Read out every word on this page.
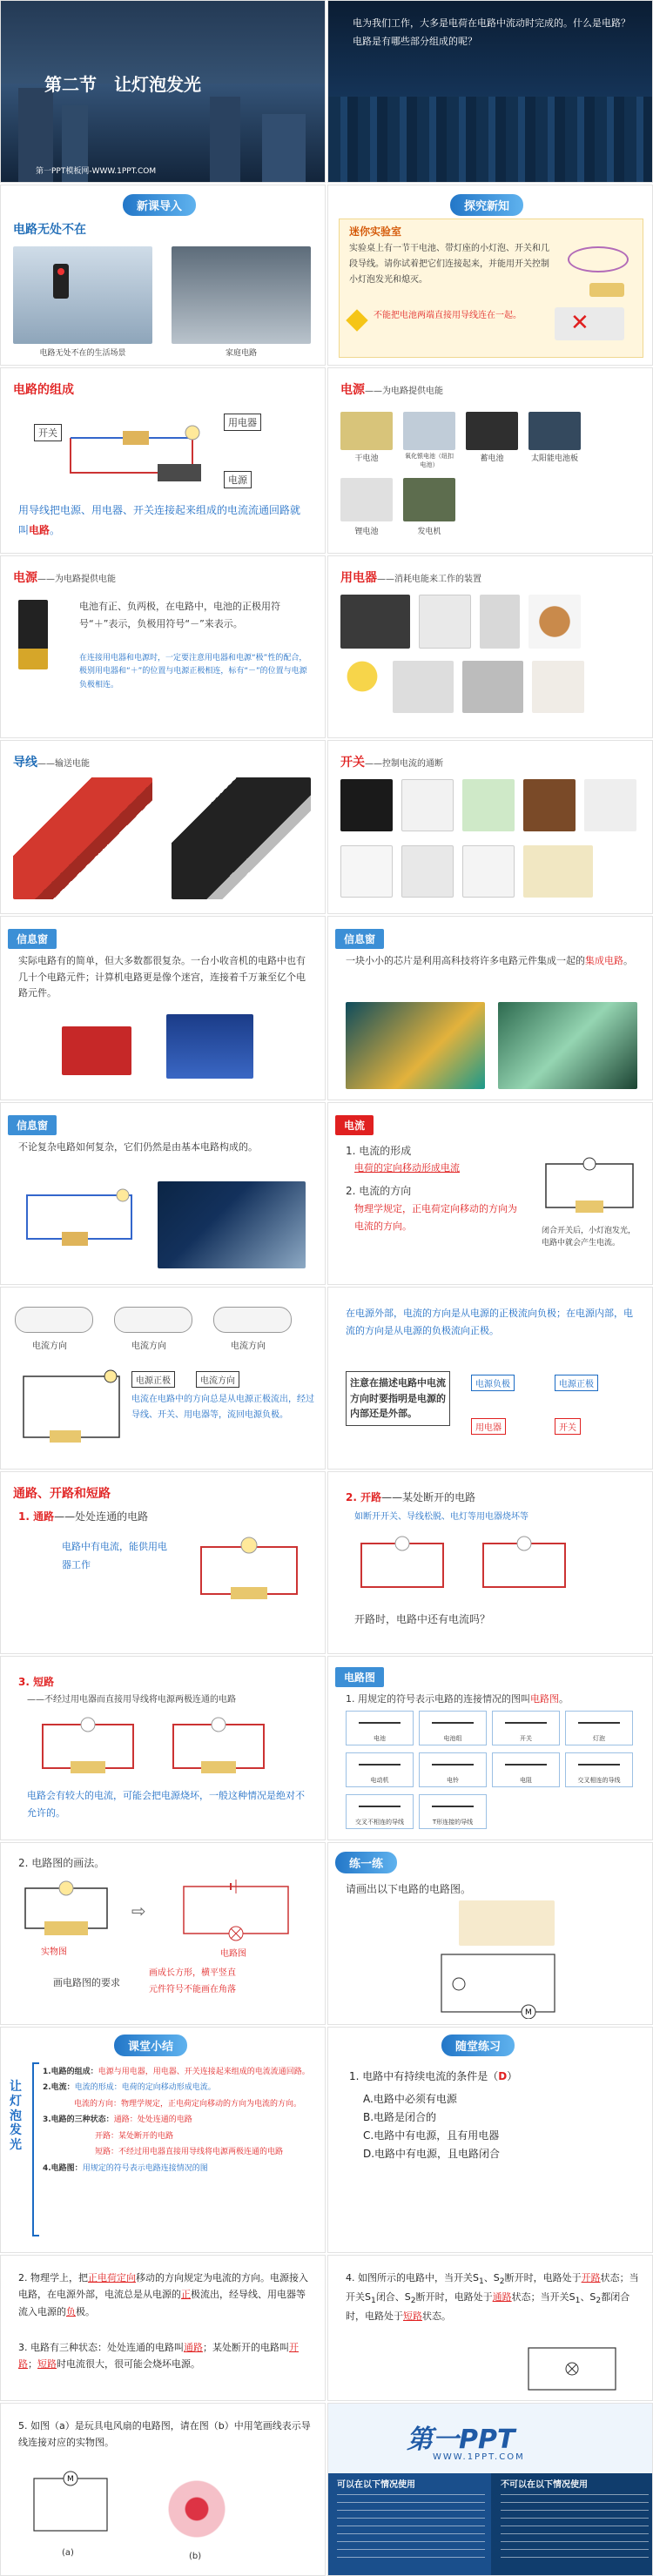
第二节　让灯泡发光
第一PPT模板网-WWW.1PPT.COM
电为我们工作，大多是电荷在电路中流动时完成的。什么是电路？电路是有哪些部分组成的呢？
新课导入
电路无处不在
电路无处不在的生活场景	家庭电路
探究新知
迷你实验室
实验桌上有一节干电池、带灯座的小灯泡、开关和几段导线。请你试着把它们连接起来，并能用开关控制小灯泡发光和熄灭。
不能把电池两端直接用导线连在一起。	✕
电路的组成
开关
用电器
电源
用导线把电源、用电器、开关连接起来组成的电流流通回路就叫电路。
电源——为电路提供电能
干电池	氧化银电池（纽扣电池）
蓄电池	太阳能电池板
锂电池	发电机
电源——为电路提供电能
电池有正、负两极，在电路中，电池的正极用符号“＋”表示，负极用符号“－”来表示。
在连接用电器和电源时，一定要注意用电器和电源“极”性的配合，极别用电器和“＋”的位置与电源正极相连，标有“－”的位置与电源负极相连。
用电器——消耗电能来工作的装置
导线——输送电能	开关——控制电流的通断
信息窗
实际电路有的简单，但大多数都很复杂。一台小收音机的电路中也有几十个电路元件；计算机电路更是像个迷宫，连接着千万兼至亿个电路元件。
信息窗
一块小小的芯片是利用高科技将许多电路元件集成一起的集成电路。
信息窗
不论复杂电路如何复杂，它们仍然是由基本电路构成的。
电流
1. 电流的形成
电荷的定向移动形成电流
2. 电流的方向
物理学规定，正电荷定向移动的方向为电流的方向。	闭合开关后，小灯泡发光，电路中就会产生电流。
电流方向	电流方向	电流方向
电源正极	电流方向
电流在电路中的方向总是从电源正极流出，经过导线、开关、用电器等，流回电源负极。
在电源外部，电流的方向是从电源的正极流向负极；在电源内部，电流的方向是从电源的负极流向正极。
注意在描述电路中电流方向时要指明是电源的内部还是外部。
电源负极	电源正极
用电器	开关
通路、开路和短路
1. 通路——处处连通的电路
电路中有电流，能供用电器工作
2. 开路——某处断开的电路
如断开开关、导线松脱、电灯等用电器烧坏等
开路时，电路中还有电流吗？
3. 短路
——不经过用电器而直接用导线将电源两极连通的电路
电路会有较大的电流，可能会把电源烧坏，一般这种情况是绝对不允许的。
电路图
1. 用规定的符号表示电路的连接情况的图叫电路图。
电池	电池组	开关	灯泡
电动机	电铃	电阻	交叉相连的导线
交叉不相连的导线	T形连接的导线
2. 电路图的画法。
⇨
实物图	电路图
画电路图的要求
画成长方形，横平竖直
元件符号不能画在角落
练一练
请画出以下电路的电路图。
M
课堂小结
让灯泡发光
1.电路的组成：电源与用电器，用电器、开关连接起来组成的电流流通回路。
2.电流：电流的形成：电荷的定向移动形成电流。
电流的方向：物理学规定，正电荷定向移动的方向为电流的方向。
3.电路的三种状态：通路：处处连通的电路
开路：某处断开的电路
短路：不经过用电器直接用导线将电源两极连通的电路
4.电路图：用规定的符号表示电路连接情况的图
随堂练习
1. 电路中有持续电流的条件是（D）
A.电路中必须有电源
B.电路是闭合的
C.电路中有电源，且有用电器
D.电路中有电源，且电路闭合
2. 物理学上，把正电荷定向移动的方向规定为电流的方向。电源接入电路，在电源外部，电流总是从电源的正极流出，经导线、用电器等流入电源的负极。
3. 电路有三种状态：处处连通的电路叫通路；某处断开的电路叫开路；短路时电流很大，很可能会烧坏电源。
4. 如图所示的电路中，当开关$S_1$、$S_2$断开时，电路处于开路状态；当开关$S_1$闭合、$S_2$断开时，电路处于通路状态；当开关$S_1$、$S_2$都闭合时，电路处于短路状态。
5. 如图（a）是玩具电风扇的电路图，请在图（b）中用笔画线表示导线连接对应的实物图。
M
(a)	(b)
第一PPT
WWW.1PPT.COM
可以在以下情况使用	不可以在以下情况使用
